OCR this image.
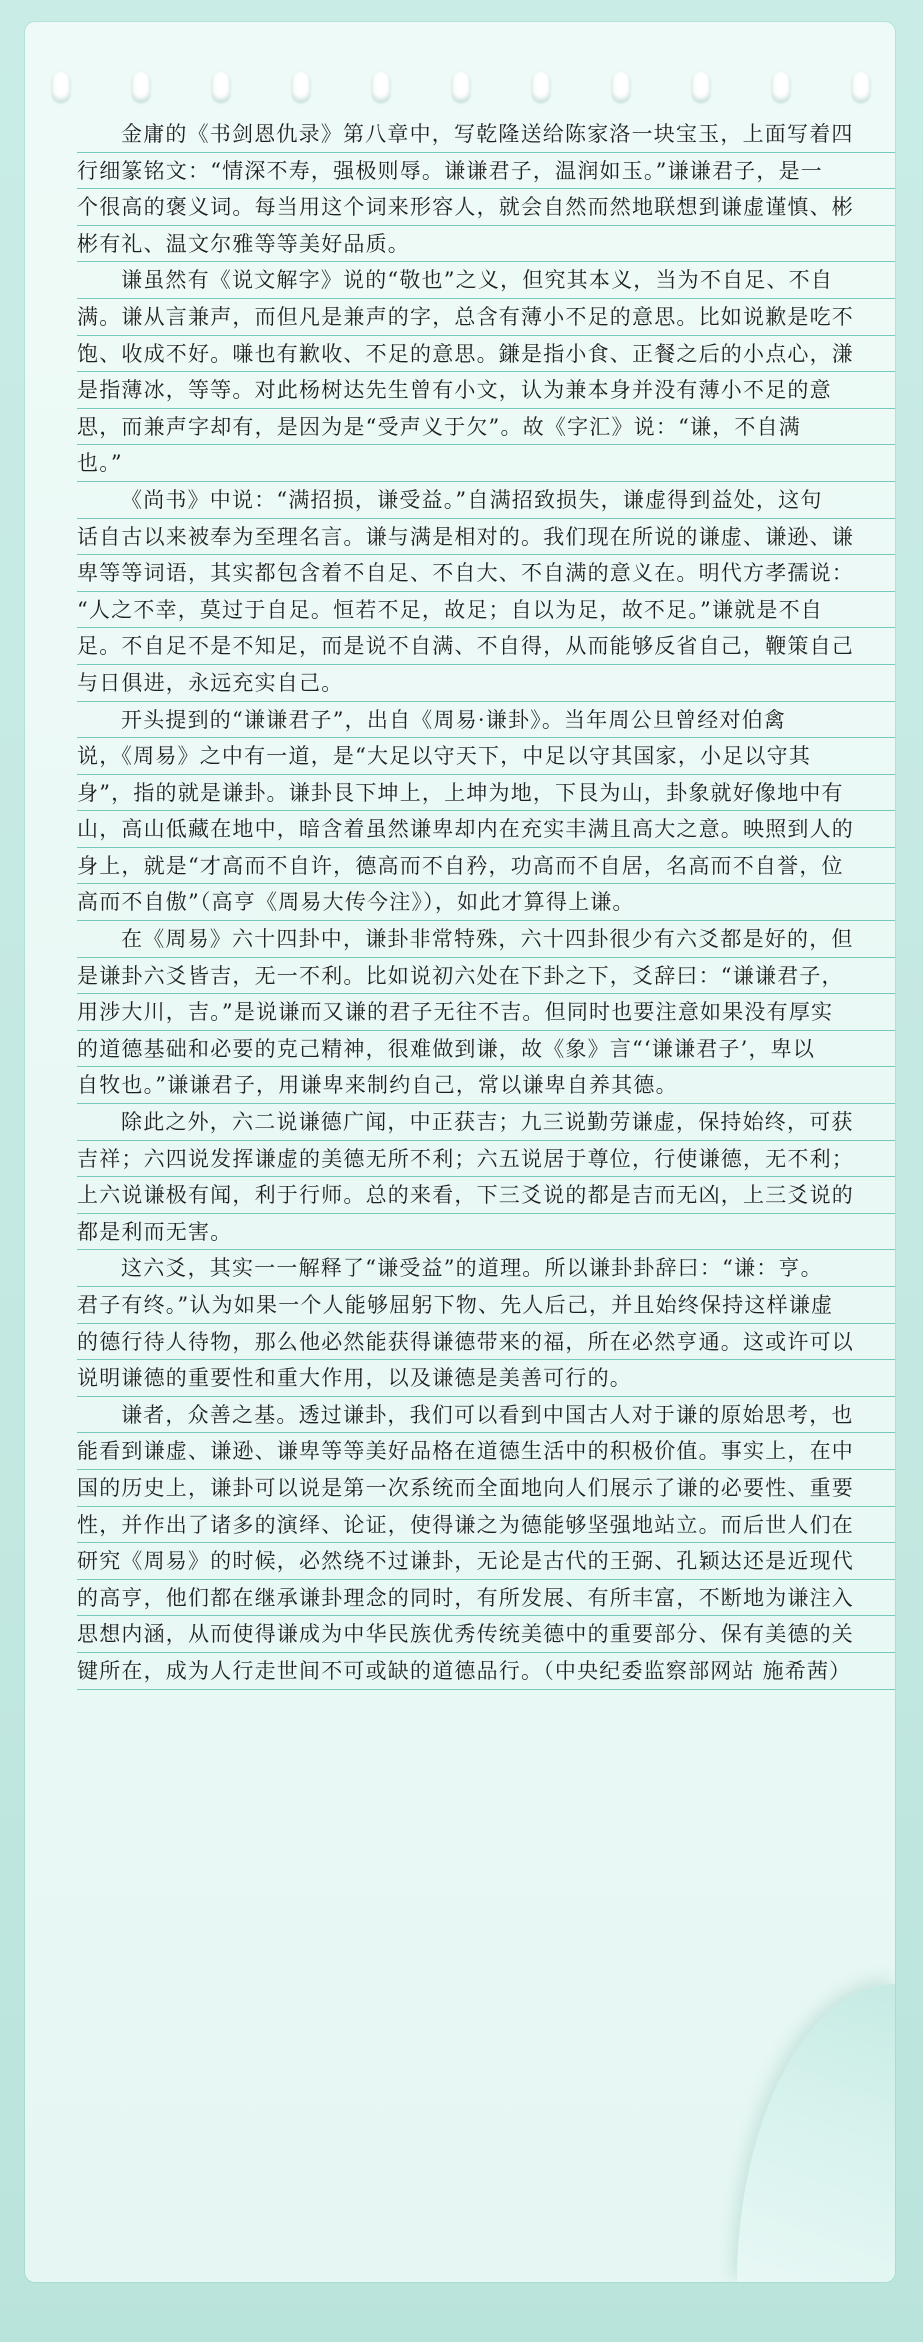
金庸的《书剑恩仇录》第八章中，写乾隆送给陈家洛一块宝玉，上面写着四
行细篆铭文：“情深不寿，强极则辱。谦谦君子，温润如玉。”谦谦君子，是一
个很高的褒义词。每当用这个词来形容人，就会自然而然地联想到谦虚谨慎、彬
彬有礼、温文尔雅等等美好品质。
谦虽然有《说文解字》说的“敬也”之义，但究其本义，当为不自足、不自
满。谦从言兼声，而但凡是兼声的字，总含有薄小不足的意思。比如说歉是吃不
饱、收成不好。嗛也有歉收、不足的意思。鎌是指小食、正餐之后的小点心，溓
是指薄冰，等等。对此杨树达先生曾有小文，认为兼本身并没有薄小不足的意
思，而兼声字却有，是因为是“受声义于欠”。故《字汇》说：“谦，不自满
也。”
《尚书》中说：“满招损，谦受益。”自满招致损失，谦虚得到益处，这句
话自古以来被奉为至理名言。谦与满是相对的。我们现在所说的谦虚、谦逊、谦
卑等等词语，其实都包含着不自足、不自大、不自满的意义在。明代方孝孺说：
“人之不幸，莫过于自足。恒若不足，故足；自以为足，故不足。”谦就是不自
足。不自足不是不知足，而是说不自满、不自得，从而能够反省自己，鞭策自己
与日俱进，永远充实自己。
开头提到的“谦谦君子”，出自《周易·谦卦》。当年周公旦曾经对伯禽
说，《周易》之中有一道，是“大足以守天下，中足以守其国家，小足以守其
身”，指的就是谦卦。谦卦艮下坤上，上坤为地，下艮为山，卦象就好像地中有
山，高山低藏在地中，暗含着虽然谦卑却内在充实丰满且高大之意。映照到人的
身上，就是“才高而不自许，德高而不自矜，功高而不自居，名高而不自誉，位
高而不自傲”（高亨《周易大传今注》），如此才算得上谦。
在《周易》六十四卦中，谦卦非常特殊，六十四卦很少有六爻都是好的，但
是谦卦六爻皆吉，无一不利。比如说初六处在下卦之下，爻辞曰：“谦谦君子，
用涉大川，吉。”是说谦而又谦的君子无往不吉。但同时也要注意如果没有厚实
的道德基础和必要的克己精神，很难做到谦，故《象》言“‘谦谦君子’，卑以
自牧也。”谦谦君子，用谦卑来制约自己，常以谦卑自养其德。
除此之外，六二说谦德广闻，中正获吉；九三说勤劳谦虚，保持始终，可获
吉祥；六四说发挥谦虚的美德无所不利；六五说居于尊位，行使谦德，无不利；
上六说谦极有闻，利于行师。总的来看，下三爻说的都是吉而无凶，上三爻说的
都是利而无害。
这六爻，其实一一解释了“谦受益”的道理。所以谦卦卦辞曰：“谦：亨。
君子有终。”认为如果一个人能够屈躬下物、先人后己，并且始终保持这样谦虚
的德行待人待物，那么他必然能获得谦德带来的福，所在必然亨通。这或许可以
说明谦德的重要性和重大作用，以及谦德是美善可行的。
谦者，众善之基。透过谦卦，我们可以看到中国古人对于谦的原始思考，也
能看到谦虚、谦逊、谦卑等等美好品格在道德生活中的积极价值。事实上，在中
国的历史上，谦卦可以说是第一次系统而全面地向人们展示了谦的必要性、重要
性，并作出了诸多的演绎、论证，使得谦之为德能够坚强地站立。而后世人们在
研究《周易》的时候，必然绕不过谦卦，无论是古代的王弼、孔颖达还是近现代
的高亨，他们都在继承谦卦理念的同时，有所发展、有所丰富，不断地为谦注入
思想内涵，从而使得谦成为中华民族优秀传统美德中的重要部分、保有美德的关
键所在，成为人行走世间不可或缺的道德品行。（中央纪委监察部网站 施希茜）
